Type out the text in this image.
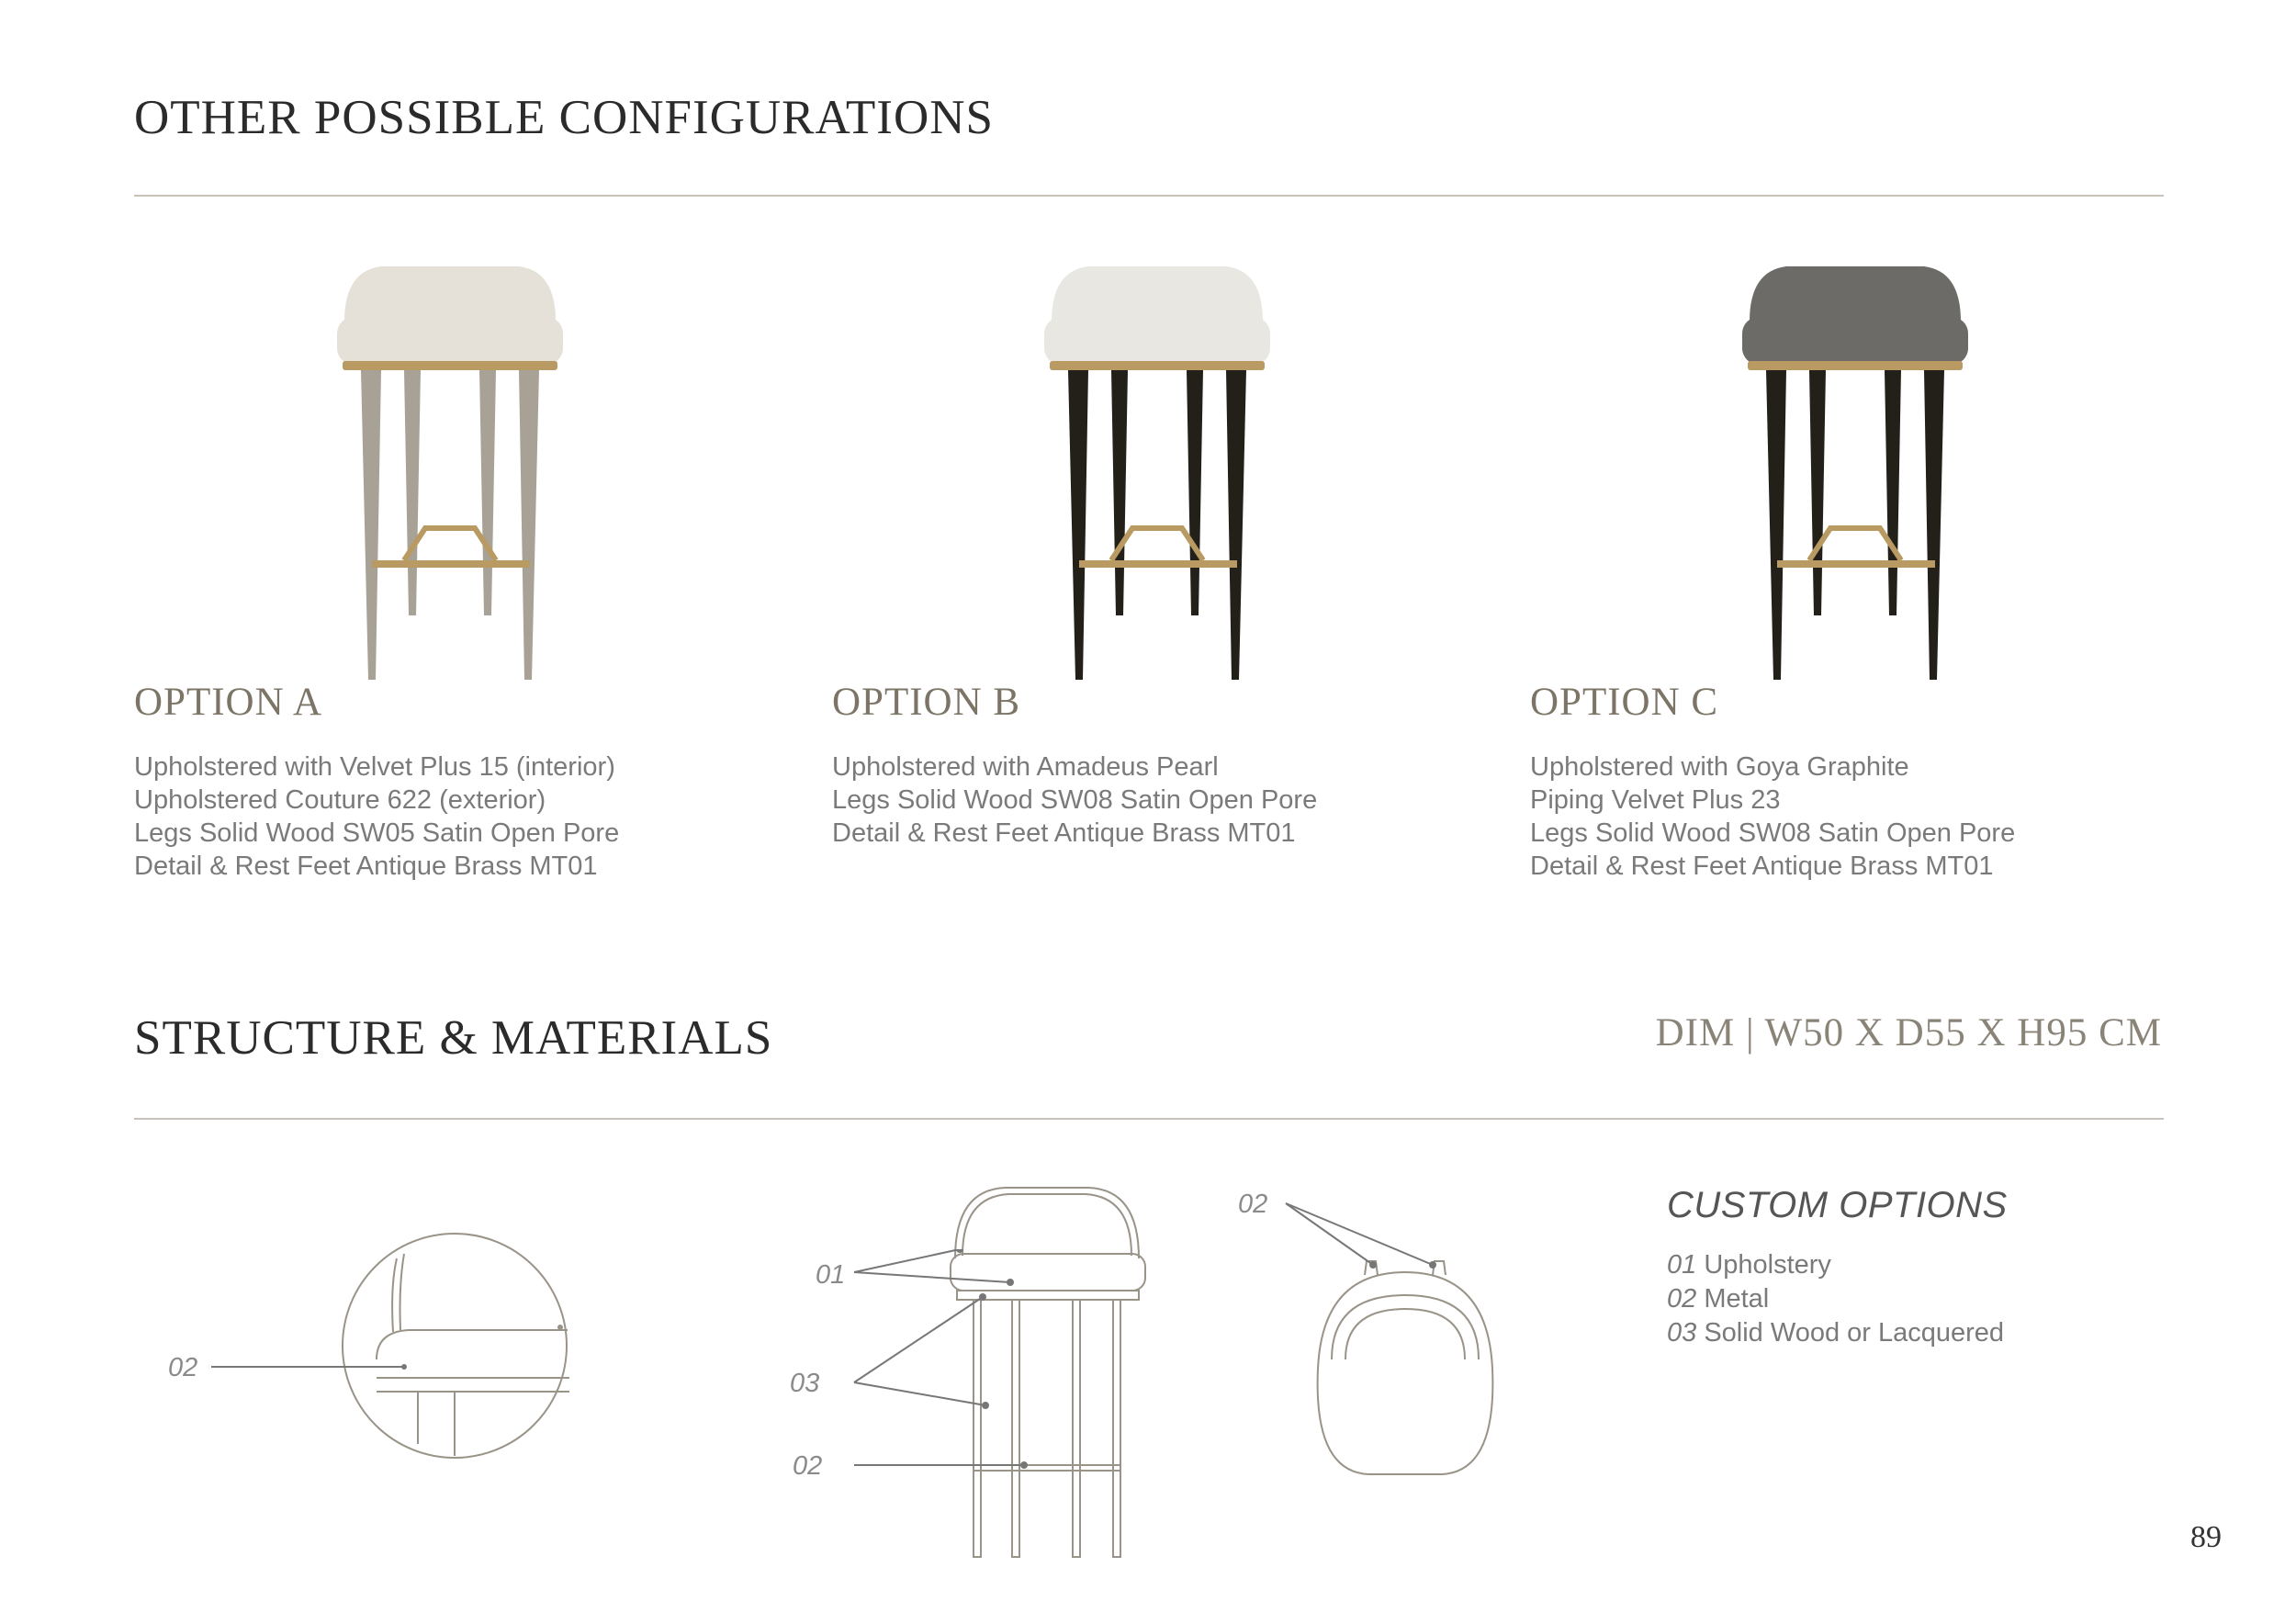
OTHER POSSIBLE CONFIGURATIONS
OPTION A
Upholstered with Velvet Plus 15 (interior)
Upholstered Couture 622 (exterior)
Legs Solid Wood SW05 Satin Open Pore
Detail & Rest Feet Antique Brass MT01
OPTION B
Upholstered with Amadeus Pearl
Legs Solid Wood SW08 Satin Open Pore
Detail & Rest Feet Antique Brass MT01
OPTION C
Upholstered with Goya Graphite
Piping Velvet Plus 23
Legs Solid Wood SW08 Satin Open Pore
Detail & Rest Feet Antique Brass MT01
STRUCTURE & MATERIALS	DIM | W50 X D55 X H95 CM
02
01
03
02
02	CUSTOM OPTIONS
01 Upholstery
02 Metal
03 Solid Wood or Lacquered
89
